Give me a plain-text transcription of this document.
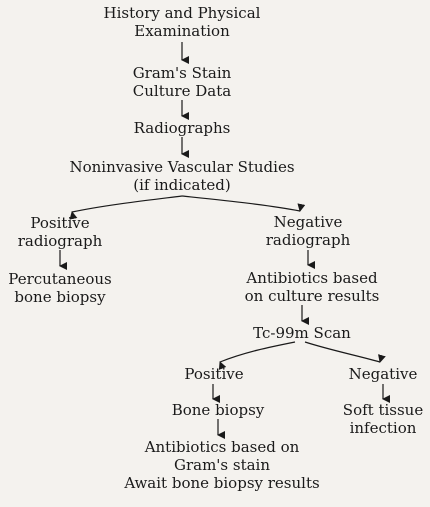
History and Physical
Examination
Gram's Stain
Culture Data
Radiographs
Noninvasive Vascular Studies
(if indicated)
Positive
radiograph
Negative
radiograph
Percutaneous
bone biopsy
Antibiotics based
on culture results
Tc-99m Scan
Positive	Negative
Bone biopsy	Soft tissue
infection
Antibiotics based on
Gram's stain
Await bone biopsy results
